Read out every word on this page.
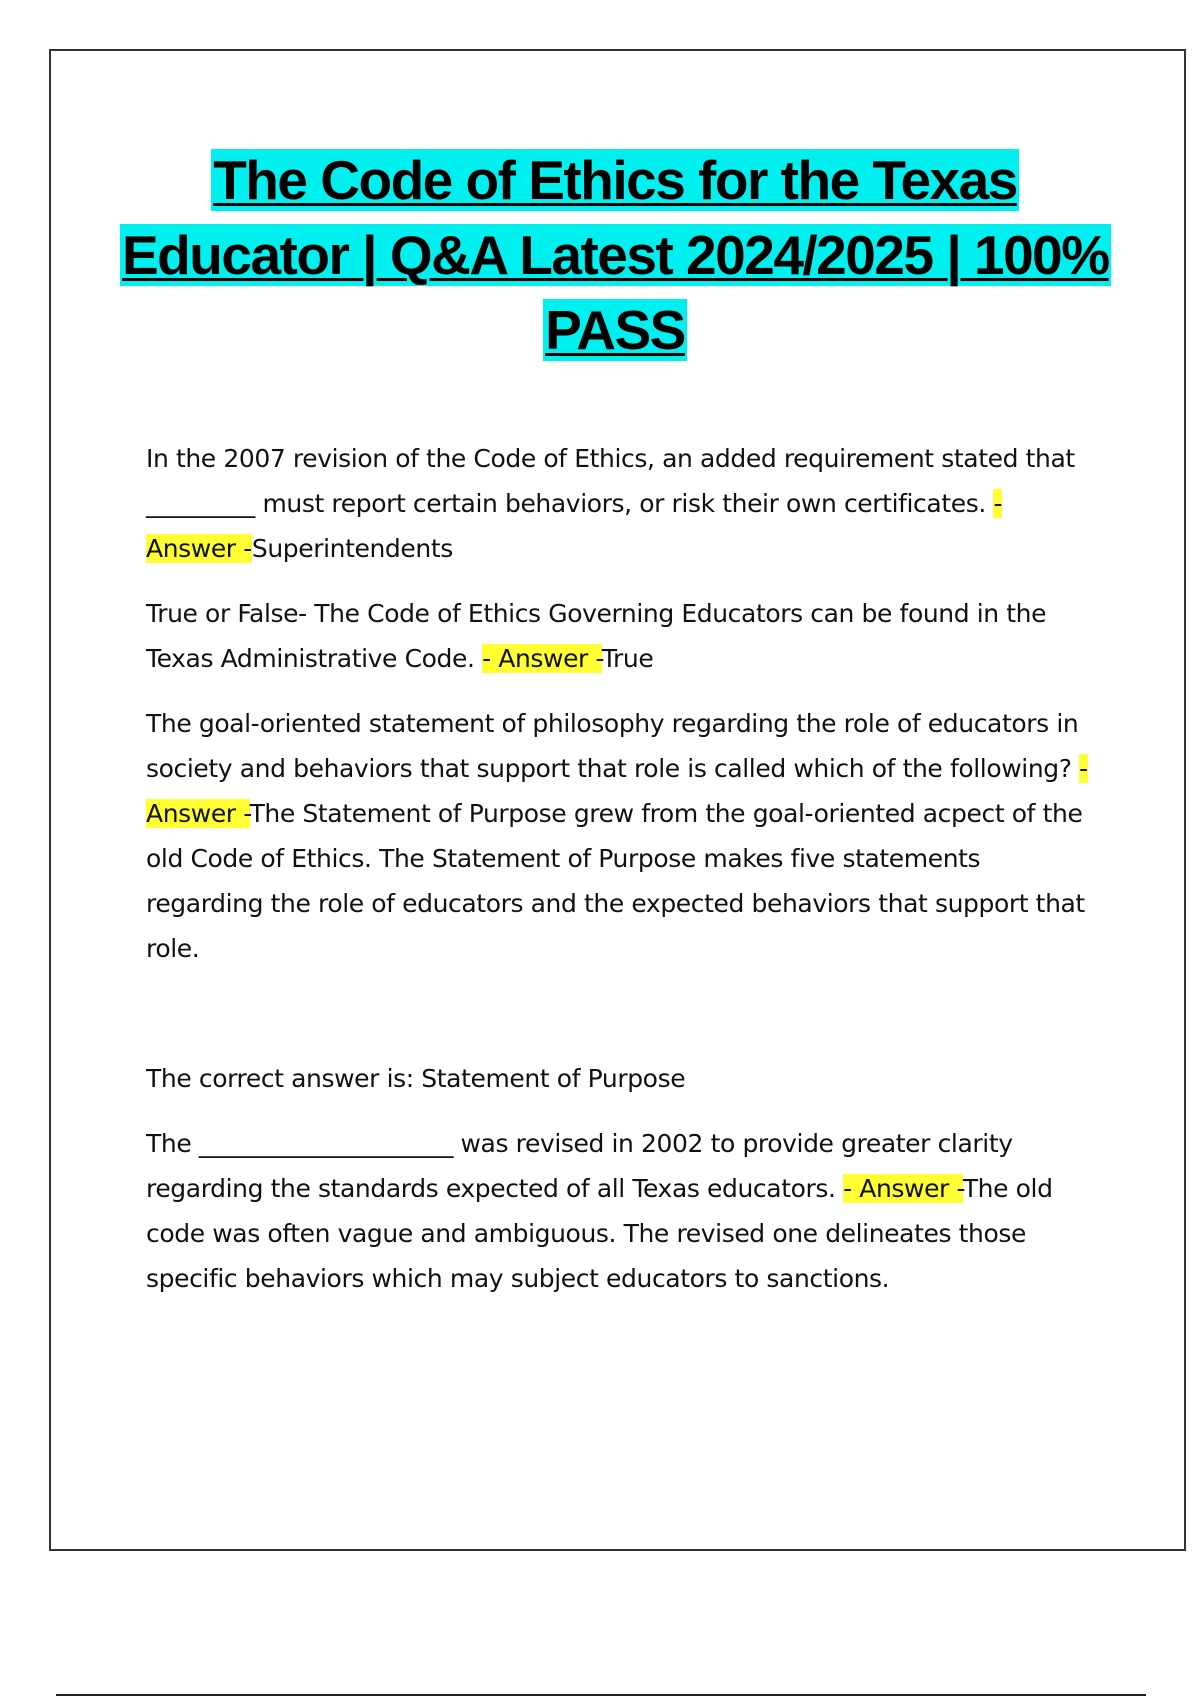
The Code of Ethics for the Texas Educator | Q&A Latest 2024/2025 | 100% PASS

In the 2007 revision of the Code of Ethics, an added requirement stated that _________ must report certain behaviors, or risk their own certificates. - Answer -Superintendents

True or False- The Code of Ethics Governing Educators can be found in the Texas Administrative Code. - Answer -True

The goal-oriented statement of philosophy regarding the role of educators in society and behaviors that support that role is called which of the following? - Answer -The Statement of Purpose grew from the goal-oriented acpect of the old Code of Ethics. The Statement of Purpose makes five statements regarding the role of educators and the expected behaviors that support that role.

The correct answer is: Statement of Purpose

The _____________________ was revised in 2002 to provide greater clarity regarding the standards expected of all Texas educators. - Answer -The old code was often vague and ambiguous. The revised one delineates those specific behaviors which may subject educators to sanctions.
